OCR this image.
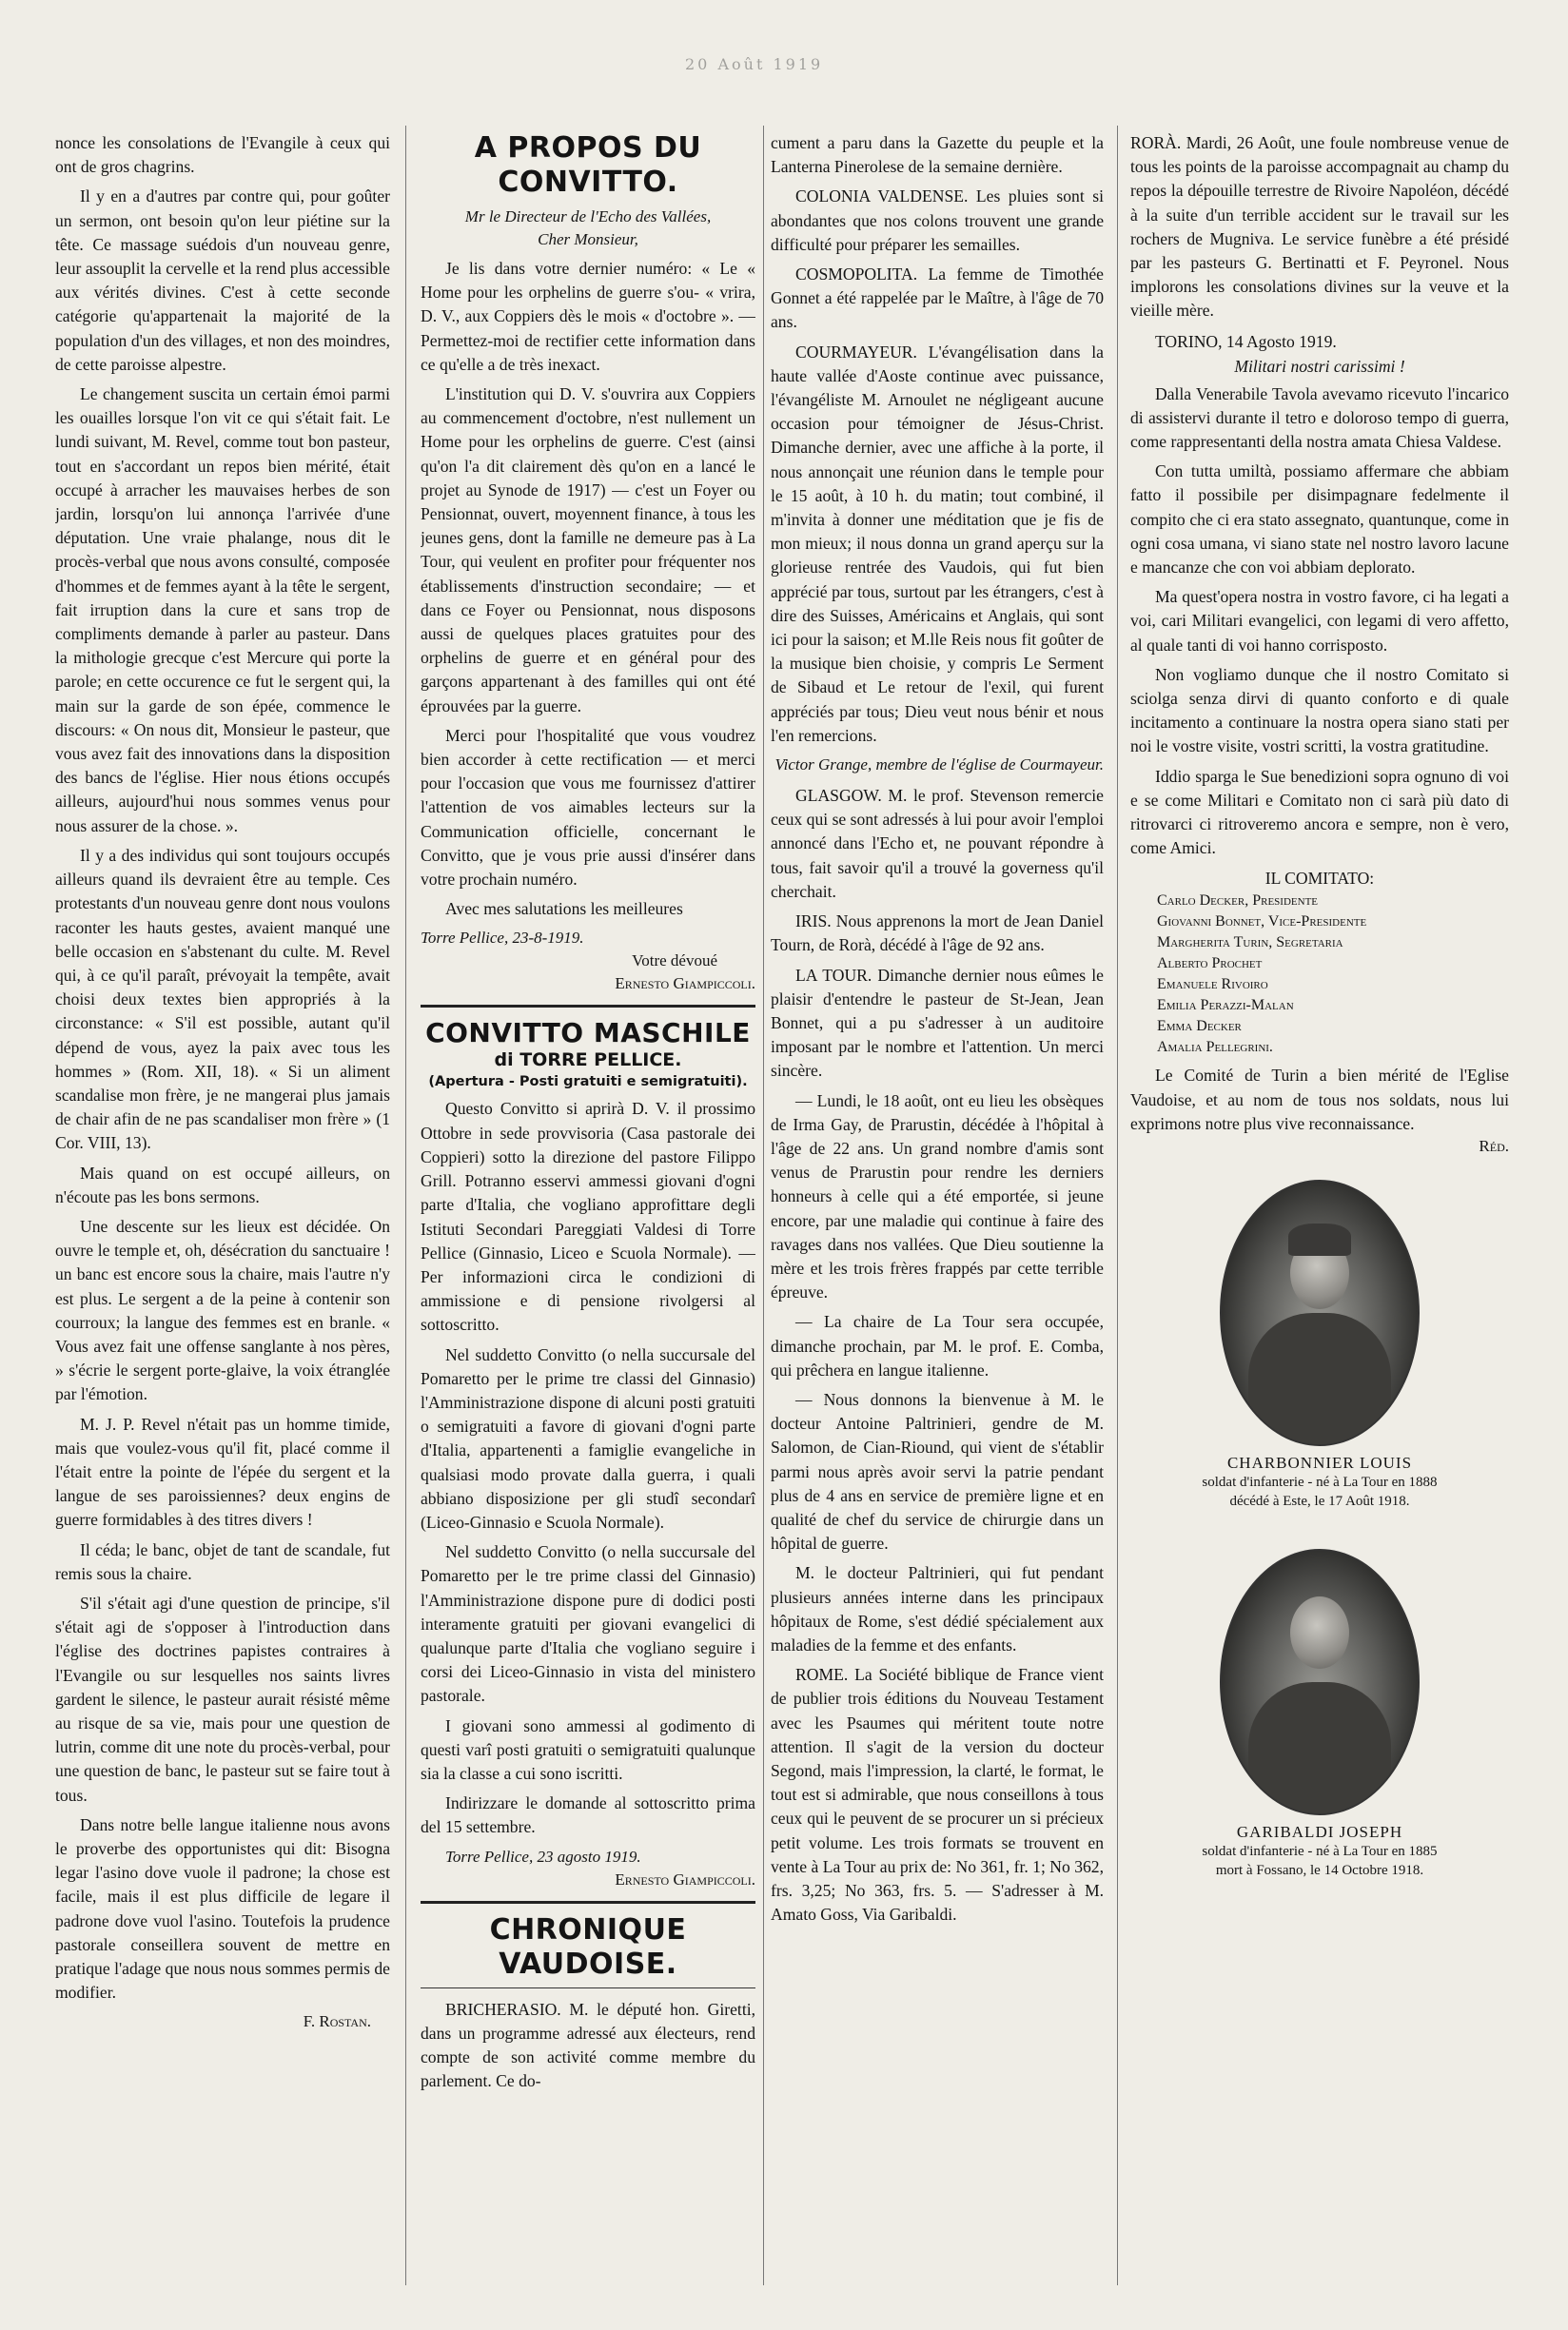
20 Août 1919

nonce les consolations de l'Evangile à ceux qui ont de gros chagrins.

Il y en a d'autres par contre qui, pour goûter un sermon, ont besoin qu'on leur piétine sur la tête. Ce massage suédois d'un nouveau genre, leur assouplit la cervelle et la rend plus accessible aux vérités divines. C'est à cette seconde catégorie qu'appartenait la majorité de la population d'un des villages, et non des moindres, de cette paroisse alpestre.

Le changement suscita un certain émoi parmi les ouailles lorsque l'on vit ce qui s'était fait. Le lundi suivant, M. Revel, comme tout bon pasteur, tout en s'accordant un repos bien mérité, était occupé à arracher les mauvaises herbes de son jardin, lorsqu'on lui annonça l'arrivée d'une députation. Une vraie phalange, nous dit le procès-verbal que nous avons consulté, composée d'hommes et de femmes ayant à la tête le sergent, fait irruption dans la cure et sans trop de compliments demande à parler au pasteur. Dans la mithologie grecque c'est Mercure qui porte la parole; en cette occurence ce fut le sergent qui, la main sur la garde de son épée, commence le discours: « On nous dit, Monsieur le pasteur, que vous avez fait des innovations dans la disposition des bancs de l'église. Hier nous étions occupés ailleurs, aujourd'hui nous sommes venus pour nous assurer de la chose. ».

Il y a des individus qui sont toujours occupés ailleurs quand ils devraient être au temple. Ces protestants d'un nouveau genre dont nous voulons raconter les hauts gestes, avaient manqué une belle occasion en s'abstenant du culte. M. Revel qui, à ce qu'il paraît, prévoyait la tempête, avait choisi deux textes bien appropriés à la circonstance: « S'il est possible, autant qu'il dépend de vous, ayez la paix avec tous les hommes » (Rom. XII, 18). « Si un aliment scandalise mon frère, je ne mangerai plus jamais de chair afin de ne pas scandaliser mon frère » (1 Cor. VIII, 13).

Mais quand on est occupé ailleurs, on n'écoute pas les bons sermons.

Une descente sur les lieux est décidée. On ouvre le temple et, oh, désécration du sanctuaire ! un banc est encore sous la chaire, mais l'autre n'y est plus. Le sergent a de la peine à contenir son courroux; la langue des femmes est en branle. « Vous avez fait une offense sanglante à nos pères, » s'écrie le sergent porte-glaive, la voix étranglée par l'émotion.

M. J. P. Revel n'était pas un homme timide, mais que voulez-vous qu'il fit, placé comme il l'était entre la pointe de l'épée du sergent et la langue de ses paroissiennes? deux engins de guerre formidables à des titres divers !

Il céda; le banc, objet de tant de scandale, fut remis sous la chaire.

S'il s'était agi d'une question de principe, s'il s'était agi de s'opposer à l'introduction dans l'église des doctrines papistes contraires à l'Evangile ou sur lesquelles nos saints livres gardent le silence, le pasteur aurait résisté même au risque de sa vie, mais pour une question de lutrin, comme dit une note du procès-verbal, pour une question de banc, le pasteur sut se faire tout à tous.

Dans notre belle langue italienne nous avons le proverbe des opportunistes qui dit: Bisogna legar l'asino dove vuole il padrone; la chose est facile, mais il est plus difficile de legare il padrone dove vuol l'asino. Toutefois la prudence pastorale conseillera souvent de mettre en pratique l'adage que nous nous sommes permis de modifier.

F. Rostan.
A PROPOS DU CONVITTO.
Mr le Directeur de l'Echo des Vallées,
Cher Monsieur,

Je lis dans votre dernier numéro: « Le « Home pour les orphelins de guerre s'ou- « vrira, D. V., aux Coppiers dès le mois « d'octobre ». — Permettez-moi de rectifier cette information dans ce qu'elle a de très inexact.

L'institution qui D. V. s'ouvrira aux Coppiers au commencement d'octobre, n'est nullement un Home pour les orphelins de guerre. C'est (ainsi qu'on l'a dit clairement dès qu'on en a lancé le projet au Synode de 1917) — c'est un Foyer ou Pensionnat, ouvert, moyennent finance, à tous les jeunes gens, dont la famille ne demeure pas à La Tour, qui veulent en profiter pour fréquenter nos établissements d'instruction secondaire; — et dans ce Foyer ou Pensionnat, nous disposons aussi de quelques places gratuites pour des orphelins de guerre et en général pour des garçons appartenant à des familles qui ont été éprouvées par la guerre.

Merci pour l'hospitalité que vous voudrez bien accorder à cette rectification — et merci pour l'occasion que vous me fournissez d'attirer l'attention de vos aimables lecteurs sur la Communication officielle, concernant le Convitto, que je vous prie aussi d'insérer dans votre prochain numéro.

Avec mes salutations les meilleures

Torre Pellice, 23-8-1919.
Votre dévoué
Ernesto Giampiccoli.
CONVITTO MASCHILE
di TORRE PELLICE.
(Apertura - Posti gratuiti e semigratuiti).

Questo Convitto si aprirà D. V. il prossimo Ottobre in sede provvisoria (Casa pastorale dei Coppieri) sotto la direzione del pastore Filippo Grill. Potranno esservi ammessi giovani d'ogni parte d'Italia, che vogliano approfittare degli Istituti Secondari Pareggiati Valdesi di Torre Pellice (Ginnasio, Liceo e Scuola Normale). — Per informazioni circa le condizioni di ammissione e di pensione rivolgersi al sottoscritto.

Nel suddetto Convitto (o nella succursale del Pomaretto per le prime tre classi del Ginnasio) l'Amministrazione dispone di alcuni posti gratuiti o semigratuiti a favore di giovani d'ogni parte d'Italia, appartenenti a famiglie evangeliche in qualsiasi modo provate dalla guerra, i quali abbiano disposizione per gli studî secondarî (Liceo-Ginnasio e Scuola Normale).

Nel suddetto Convitto (o nella succursale del Pomaretto per le tre prime classi del Ginnasio) l'Amministrazione dispone pure di dodici posti interamente gratuiti per giovani evangelici di qualunque parte d'Italia che vogliano seguire i corsi dei Liceo-Ginnasio in vista del ministero pastorale.

I giovani sono ammessi al godimento di questi varî posti gratuiti o semigratuiti qualunque sia la classe a cui sono iscritti.

Indirizzare le domande al sottoscritto prima del 15 settembre.

Torre Pellice, 23 agosto 1919.
Ernesto Giampiccoli.
CHRONIQUE VAUDOISE.

BRICHERASIO. M. le député hon. Giretti, dans un programme adressé aux électeurs, rend compte de son activité comme membre du parlement. Ce do-

cument a paru dans la Gazette du peuple et la Lanterna Pinerolese de la semaine dernière.

COLONIA VALDENSE. Les pluies sont si abondantes que nos colons trouvent une grande difficulté pour préparer les semailles.

COSMOPOLITA. La femme de Timothée Gonnet a été rappelée par le Maître, à l'âge de 70 ans.

COURMAYEUR. L'évangélisation dans la haute vallée d'Aoste continue avec puissance, l'évangéliste M. Arnoulet ne négligeant aucune occasion pour témoigner de Jésus-Christ. Dimanche dernier, avec une affiche à la porte, il nous annonçait une réunion dans le temple pour le 15 août, à 10 h. du matin; tout combiné, il m'invita à donner une méditation que je fis de mon mieux; il nous donna un grand aperçu sur la glorieuse rentrée des Vaudois, qui fut bien apprécié par tous, surtout par les étrangers, c'est à dire des Suisses, Américains et Anglais, qui sont ici pour la saison; et M.lle Reis nous fit goûter de la musique bien choisie, y compris Le Serment de Sibaud et Le retour de l'exil, qui furent appréciés par tous; Dieu veut nous bénir et nous l'en remercions.

Victor Grange, membre de l'église de Courmayeur.

GLASGOW. M. le prof. Stevenson remercie ceux qui se sont adressés à lui pour avoir l'emploi annoncé dans l'Echo et, ne pouvant répondre à tous, fait savoir qu'il a trouvé la governess qu'il cherchait.

IRIS. Nous apprenons la mort de Jean Daniel Tourn, de Rorà, décédé à l'âge de 92 ans.

LA TOUR. Dimanche dernier nous eûmes le plaisir d'entendre le pasteur de St-Jean, Jean Bonnet, qui a pu s'adresser à un auditoire imposant par le nombre et l'attention. Un merci sincère.

— Lundi, le 18 août, ont eu lieu les obsèques de Irma Gay, de Prarustin, décédée à l'hôpital à l'âge de 22 ans. Un grand nombre d'amis sont venus de Prarustin pour rendre les derniers honneurs à celle qui a été emportée, si jeune encore, par une maladie qui continue à faire des ravages dans nos vallées. Que Dieu soutienne la mère et les trois frères frappés par cette terrible épreuve.

— La chaire de La Tour sera occupée, dimanche prochain, par M. le prof. E. Comba, qui prêchera en langue italienne.

— Nous donnons la bienvenue à M. le docteur Antoine Paltrinieri, gendre de M. Salomon, de Cian-Riound, qui vient de s'établir parmi nous après avoir servi la patrie pendant plus de 4 ans en service de première ligne et en qualité de chef du service de chirurgie dans un hôpital de guerre.

M. le docteur Paltrinieri, qui fut pendant plusieurs années interne dans les principaux hôpitaux de Rome, s'est dédié spécialement aux maladies de la femme et des enfants.

ROME. La Société biblique de France vient de publier trois éditions du Nouveau Testament avec les Psaumes qui méritent toute notre attention. Il s'agit de la version du docteur Segond, mais l'impression, la clarté, le format, le tout est si admirable, que nous conseillons à tous ceux qui le peuvent de se procurer un si précieux petit volume. Les trois formats se trouvent en vente à La Tour au prix de: No 361, fr. 1; No 362, frs. 3,25; No 363, frs. 5. — S'adresser à M. Amato Goss, Via Garibaldi.

RORÀ. Mardi, 26 Août, une foule nombreuse venue de tous les points de la paroisse accompagnait au champ du repos la dépouille terrestre de Rivoire Napoléon, décédé à la suite d'un terrible accident sur le travail sur les rochers de Mugniva. Le service funèbre a été présidé par les pasteurs G. Bertinatti et F. Peyronel. Nous implorons les consolations divines sur la veuve et la vieille mère.

TORINO, 14 Agosto 1919.
Militari nostri carissimi !

Dalla Venerabile Tavola avevamo ricevuto l'incarico di assistervi durante il tetro e doloroso tempo di guerra, come rappresentanti della nostra amata Chiesa Valdese.

Con tutta umiltà, possiamo affermare che abbiam fatto il possibile per disimpagnare fedelmente il compito che ci era stato assegnato, quantunque, come in ogni cosa umana, vi siano state nel nostro lavoro lacune e mancanze che con voi abbiam deplorato.

Ma quest'opera nostra in vostro favore, ci ha legati a voi, cari Militari evangelici, con legami di vero affetto, al quale tanti di voi hanno corrisposto.

Non vogliamo dunque che il nostro Comitato si sciolga senza dirvi di quanto conforto e di quale incitamento a continuare la nostra opera siano stati per noi le vostre visite, vostri scritti, la vostra gratitudine.

Iddio sparga le Sue benedizioni sopra ognuno di voi e se come Militari e Comitato non ci sarà più dato di ritrovarci ci ritroveremo ancora e sempre, non è vero, come Amici.

IL COMITATO:
Carlo Decker, Presidente
Giovanni Bonnet, Vice-Presidente
Margherita Turin, Segretaria
Alberto Prochet
Emanuele Rivoiro
Emilia Perazzi-Malan
Emma Decker
Amalia Pellegrini.

Le Comité de Turin a bien mérité de l'Eglise Vaudoise, et au nom de tous nos soldats, nous lui exprimons notre plus vive reconnaissance.

Réd.
CHARBONNIER LOUIS
soldat d'infanterie - né à La Tour en 1888
décédé à Este, le 17 Août 1918.
GARIBALDI JOSEPH
soldat d'infanterie - né à La Tour en 1885
mort à Fossano, le 14 Octobre 1918.
